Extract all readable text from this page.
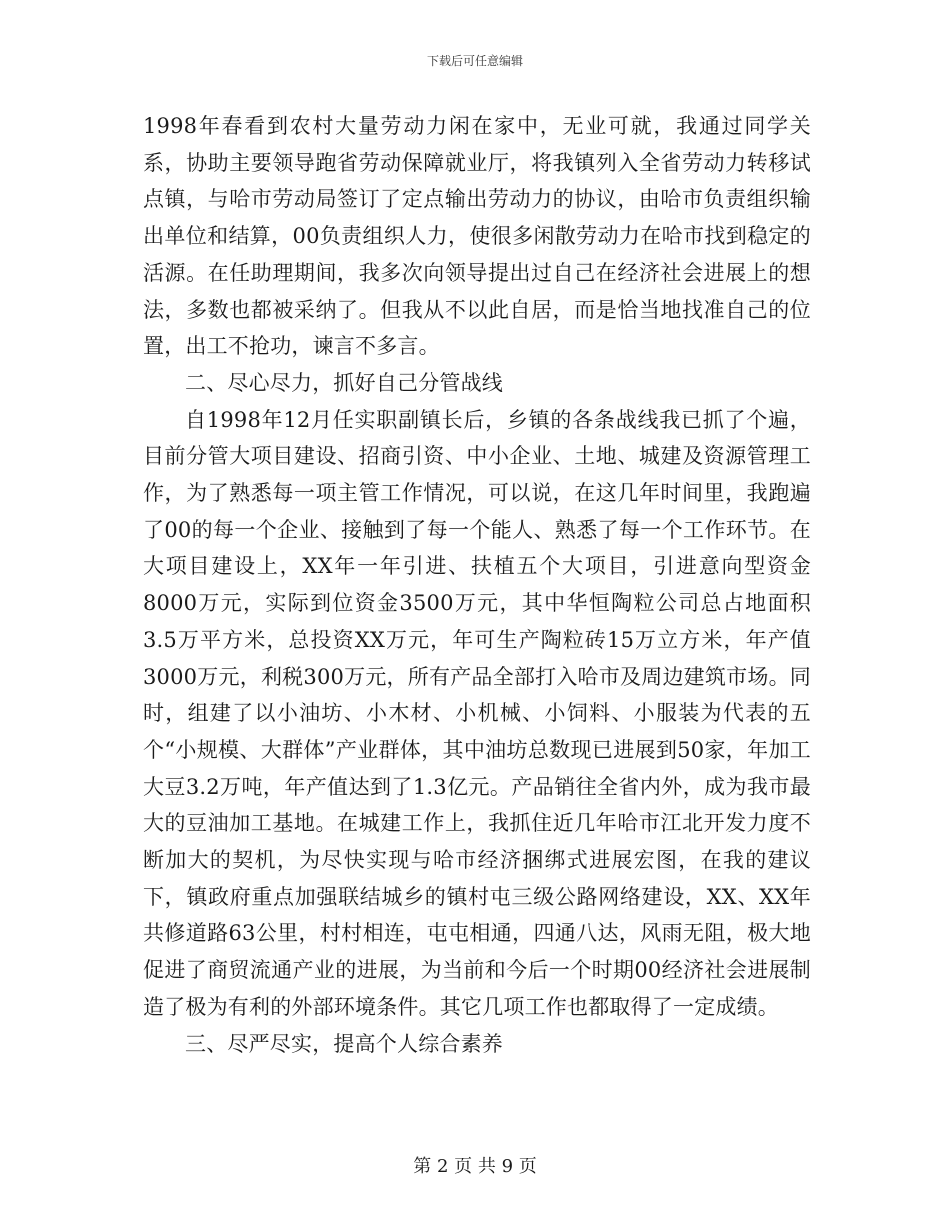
下载后可任意编辑

1998年春看到农村大量劳动力闲在家中，无业可就，我通过同学关系，协助主要领导跑省劳动保障就业厅，将我镇列入全省劳动力转移试点镇，与哈市劳动局签订了定点输出劳动力的协议，由哈市负责组织输出单位和结算，00负责组织人力，使很多闲散劳动力在哈市找到稳定的活源。在任助理期间，我多次向领导提出过自己在经济社会进展上的想法，多数也都被采纳了。但我从不以此自居，而是恰当地找准自己的位置，出工不抢功，谏言不多言。

二、尽心尽力，抓好自己分管战线

自1998年12月任实职副镇长后，乡镇的各条战线我已抓了个遍，目前分管大项目建设、招商引资、中小企业、土地、城建及资源管理工作，为了熟悉每一项主管工作情况，可以说，在这几年时间里，我跑遍了00的每一个企业、接触到了每一个能人、熟悉了每一个工作环节。在大项目建设上，XX年一年引进、扶植五个大项目，引进意向型资金8000万元，实际到位资金3500万元，其中华恒陶粒公司总占地面积3.5万平方米，总投资XX万元，年可生产陶粒砖15万立方米，年产值3000万元，利税300万元，所有产品全部打入哈市及周边建筑市场。同时，组建了以小油坊、小木材、小机械、小饲料、小服装为代表的五个“小规模、大群体”产业群体，其中油坊总数现已进展到50家，年加工大豆3.2万吨，年产值达到了1.3亿元。产品销往全省内外，成为我市最大的豆油加工基地。在城建工作上，我抓住近几年哈市江北开发力度不断加大的契机，为尽快实现与哈市经济捆绑式进展宏图，在我的建议下，镇政府重点加强联结城乡的镇村屯三级公路网络建设，XX、XX年共修道路63公里，村村相连，屯屯相通，四通八达，风雨无阻，极大地促进了商贸流通产业的进展，为当前和今后一个时期00经济社会进展制造了极为有利的外部环境条件。其它几项工作也都取得了一定成绩。

三、尽严尽实，提高个人综合素养

第 2 页 共 9 页
